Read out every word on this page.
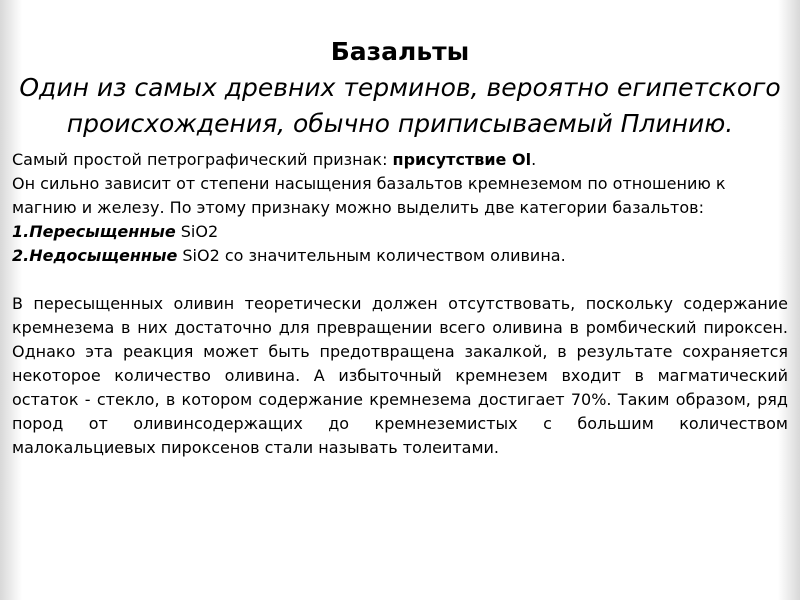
Базальты
Один из самых древних терминов, вероятно египетского происхождения, обычно приписываемый Плинию.

Самый простой петрографический признак: присутствие Ol.

Он сильно зависит от степени насыщения базальтов кремнеземом по отношению к магнию и железу. По этому признаку можно выделить две категории базальтов:

1.Пересыщенные SiO2

2.Недосыщенные SiO2 со значительным количеством оливина.

В пересыщенных оливин теоретически должен отсутствовать, поскольку содержание кремнезема в них достаточно для превращении всего оливина в ромбический пироксен. Однако эта реакция может быть предотвращена закалкой, в результате сохраняется некоторое количество оливина. А избыточный кремнезем входит в магматический остаток - стекло, в котором содержание кремнезема достигает 70%. Таким образом, ряд пород от оливинсодержащих до кремнеземистых с большим количеством малокальциевых пироксенов стали называть толеитами.
